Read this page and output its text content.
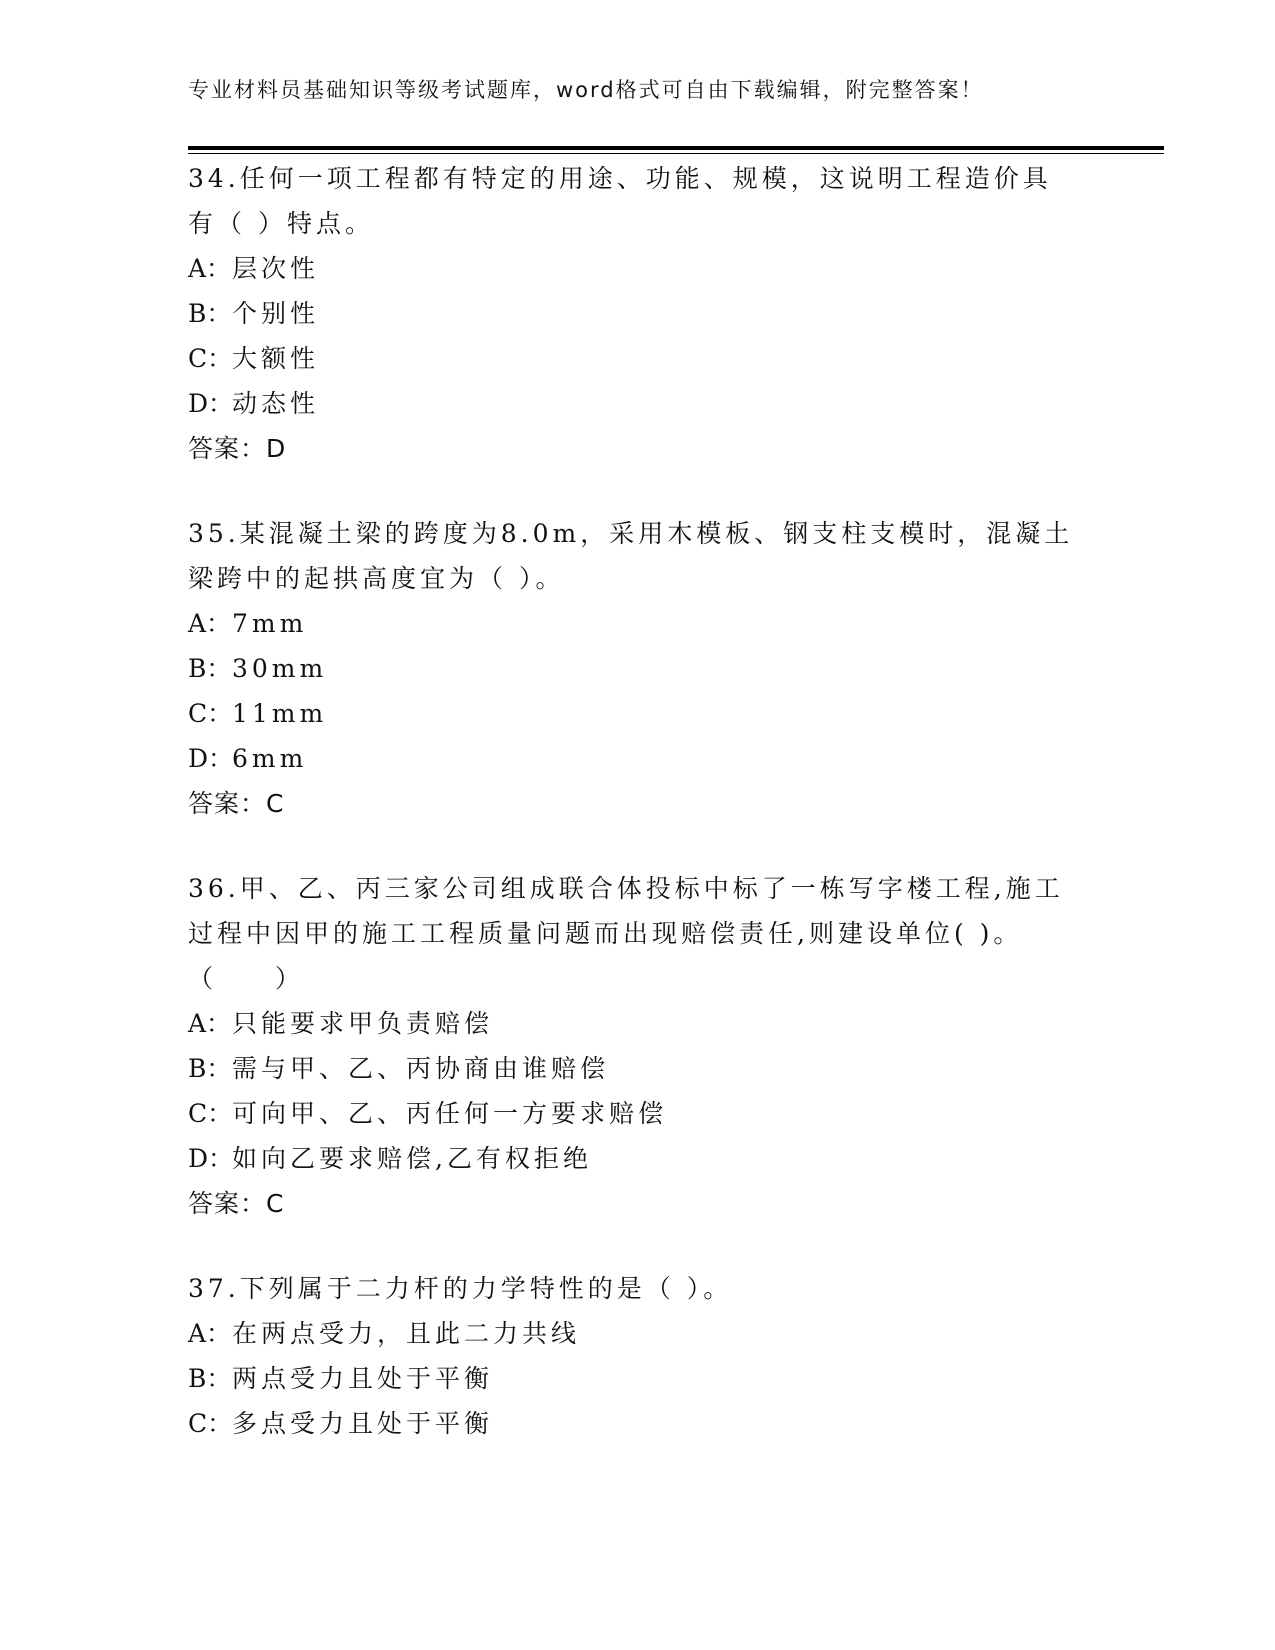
专业材料员基础知识等级考试题库，word格式可自由下载编辑，附完整答案！
34.任何一项工程都有特定的用途、功能、规模，这说明工程造价具有（ ）特点。
A： 层次性
B： 个别性
C： 大额性
D：
动态性
答案：D
35.某混凝土梁的跨度为8.0m，采用木模板、钢支柱支模时，混凝土梁跨中的起拱高度宜为（ ）。
A： 7mm
B： 30mm
C： 11mm
D：
6mm
答案：C
36.甲、乙、丙三家公司组成联合体投标中标了一栋写字楼工程,施工过程中因甲的施工工程质量问题而出现赔偿责任,则建设单位( )。（　　）
A： 只能要求甲负责赔偿
B： 需与甲、乙、丙协商由谁赔偿
C： 可向甲、乙、丙任何一方要求赔偿
D：
如向乙要求赔偿,乙有权拒绝
答案：C
37.下列属于二力杆的力学特性的是（ ）。
A： 在两点受力，且此二力共线
B： 两点受力且处于平衡
C： 多点受力且处于平衡
